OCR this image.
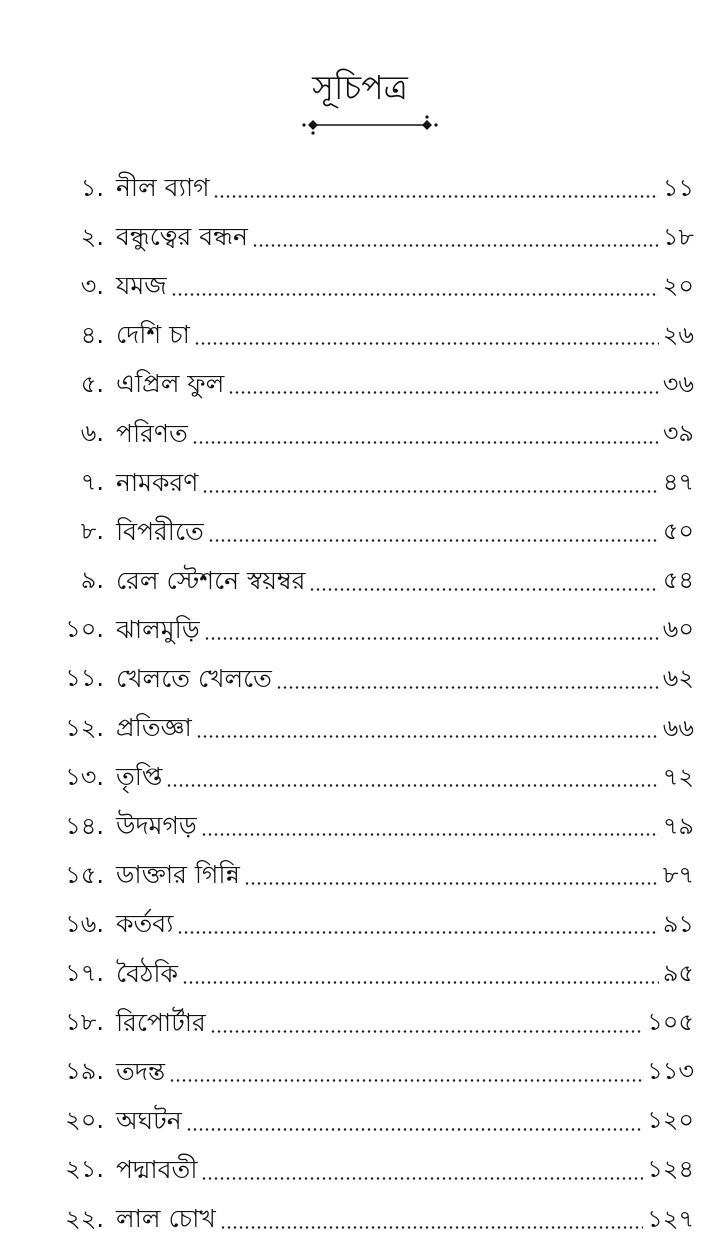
সূচিপত্র
১. নীল ব্যাগ	১১
২. বন্ধুত্বের বন্ধন	১৮
৩. যমজ	২০
৪. দেশি চা	২৬
৫. এপ্রিল ফুল	৩৬
৬. পরিণত	৩৯
৭. নামকরণ	৪৭
৮. বিপরীতে	৫০
৯. রেল স্টেশনে স্বয়ম্বর	৫৪
১০. ঝালমুড়ি	৬০
১১. খেলতে খেলতে	৬২
১২. প্রতিজ্ঞা	৬৬
১৩. তৃপ্তি	৭২
১৪. উদমগড়	৭৯
১৫. ডাক্তার গিন্নি	৮৭
১৬. কর্তব্য	৯১
১৭. বৈঠকি	৯৫
১৮. রিপোর্টার	১০৫
১৯. তদন্ত	১১৩
২০. অঘটন	১২০
২১. পদ্মাবতী	১২৪
২২. লাল চোখ	১২৭
